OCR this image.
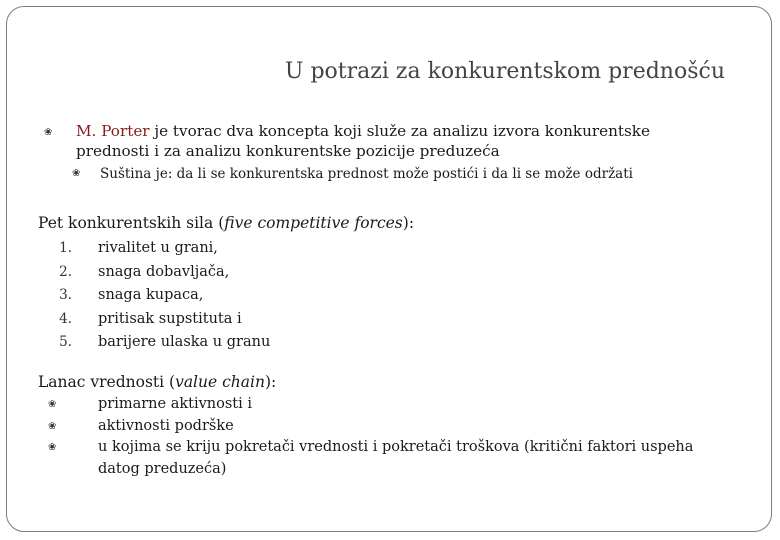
U potrazi za konkurentskom prednošću
❀ M. Porter je tvorac dva koncepta koji služe za analizu izvora konkurentske prednosti i za analizu konkurentske pozicije preduzeća
❀ Suština je: da li se konkurentska prednost može postići i da li se može održati
Pet konkurentskih sila (five competitive forces):
1. rivalitet u grani,
2. snaga dobavljača,
3. snaga kupaca,
4. pritisak supstituta i
5. barijere ulaska u granu
Lanac vrednosti (value chain):
❀	primarne aktivnosti i
❀	aktivnosti podrške
❀	u kojima se kriju pokretači vrednosti i pokretači troškova (kritični faktori uspeha datog preduzeća)
